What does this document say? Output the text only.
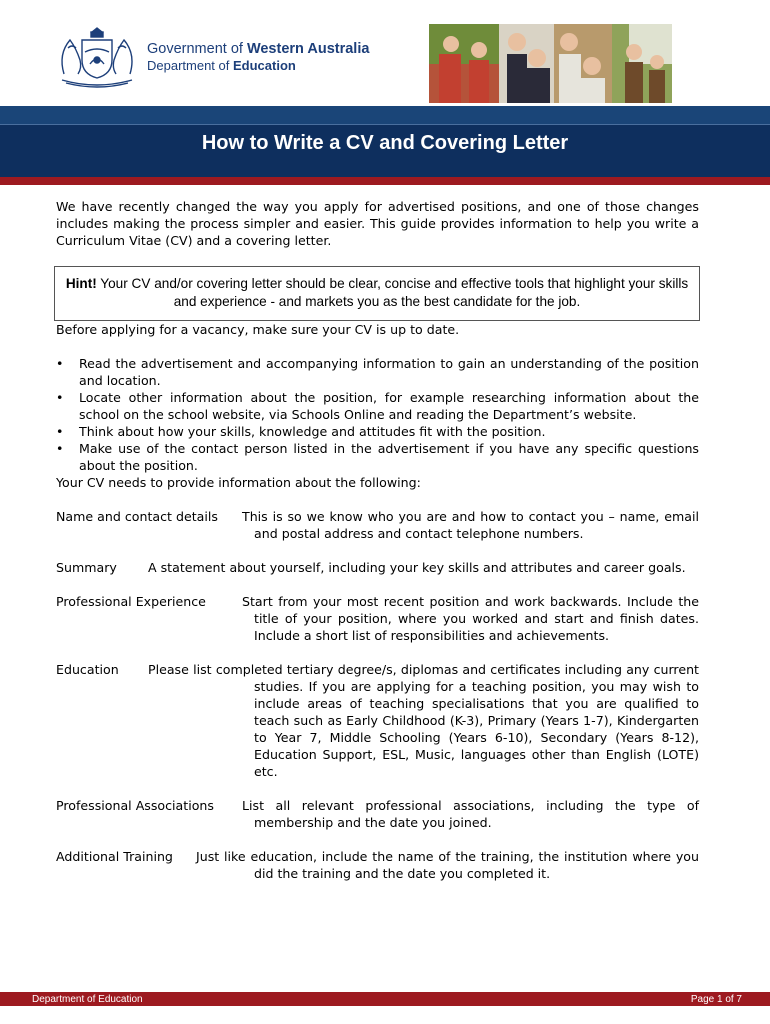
Government of Western Australia
Department of Education
How to Write a CV and Covering Letter

We have recently changed the way you apply for advertised positions, and one of those changes includes making the process simpler and easier. This guide provides information to help you write a Curriculum Vitae (CV) and a covering letter.

Hint! Your CV and/or covering letter should be clear, concise and effective tools that highlight your skills and experience - and markets you as the best candidate for the job.

Before applying for a vacancy, make sure your CV is up to date.

• Read the advertisement and accompanying information to gain an understanding of the position and location.
• Locate other information about the position, for example researching information about the school on the school website, via Schools Online and reading the Department’s website.
• Think about how your skills, knowledge and attitudes fit with the position.
• Make use of the contact person listed in the advertisement if you have any specific questions about the position.

Your CV needs to provide information about the following:

Name and contact details This is so we know who you are and how to contact you – name, email and postal address and contact telephone numbers.

Summary A statement about yourself, including your key skills and attributes and career goals.

Professional Experience	Start from your most recent position and work backwards. Include the title of your position, where you worked and start and finish dates. Include a short list of responsibilities and achievements.

Education Please list completed tertiary degree/s, diplomas and certificates including any current studies. If you are applying for a teaching position, you may wish to include areas of teaching specialisations that you are qualified to teach such as Early Childhood (K-3), Primary (Years 1-7), Kindergarten to Year 7, Middle Schooling (Years 6-10), Secondary (Years 8-12), Education Support, ESL, Music, languages other than English (LOTE) etc.

Professional Associations List all relevant professional associations, including the type of membership and the date you joined.

Additional Training Just like education, include the name of the training, the institution where you did the training and the date you completed it.

Department of Education	Page 1 of 7
